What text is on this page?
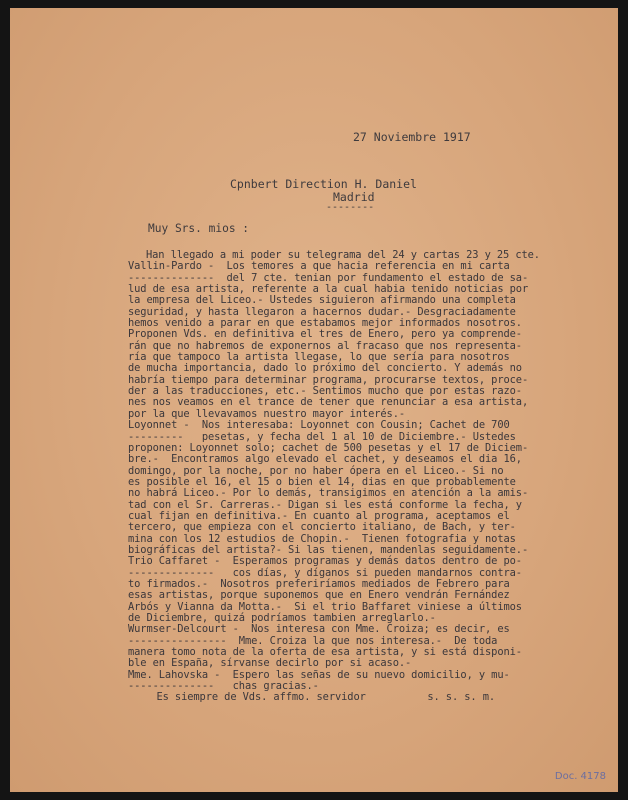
27 Noviembre 1917
Cpnbert Direction H. Daniel
Madrid
--------
Muy Srs. mios :
Han llegado a mi poder su telegrama del 24 y cartas 23 y 25 cte.
Vallin-Pardo -  Los temores a que hacia referencia en mi carta
--------------  del 7 cte. tenian por fundamento el estado de sa-
lud de esa artista, referente a la cual habia tenido noticias por
la empresa del Liceo.- Ustedes siguieron afirmando una completa
seguridad, y hasta llegaron a hacernos dudar.- Desgraciadamente
hemos venido a parar en que estabamos mejor informados nosotros.
Proponen Vds. en definitiva el tres de Enero, pero ya comprende-
rán que no habremos de exponernos al fracaso que nos representa-
ría que tampoco la artista llegase, lo que sería para nosotros
de mucha importancia, dado lo próximo del concierto. Y además no
habría tiempo para determinar programa, procurarse textos, proce-
der a las traducciones, etc.- Sentimos mucho que por estas razo-
nes nos veamos en el trance de tener que renunciar a esa artista,
por la que llevavamos nuestro mayor interés.-
Loyonnet -  Nos interesaba: Loyonnet con Cousin; Cachet de 700
---------   pesetas, y fecha del 1 al 10 de Diciembre.- Ustedes
proponen: Loyonnet solo; cachet de 500 pesetas y el 17 de Diciem-
bre.-  Encontramos algo elevado el cachet, y deseamos el dia 16,
domingo, por la noche, por no haber ópera en el Liceo.- Si no
es posible el 16, el 15 o bien el 14, dias en que probablemente
no habrá Liceo.- Por lo demás, transigimos en atención a la amis-
tad con el Sr. Carreras.- Digan si les está conforme la fecha, y
cual fijan en definitiva.- En cuanto al programa, aceptamos el
tercero, que empieza con el concierto italiano, de Bach, y ter-
mina con los 12 estudios de Chopin.-  Tienen fotografia y notas
biográficas del artista?- Si las tienen, mandenlas seguidamente.-
Trio Caffaret -  Esperamos programas y demás datos dentro de po-
--------------   cos días, y díganos si pueden mandarnos contra-
to firmados.-  Nosotros preferiríamos mediados de Febrero para
esas artistas, porque suponemos que en Enero vendrán Fernández
Arbós y Vianna da Motta.-  Si el trio Baffaret viniese a últimos
de Diciembre, quizá podríamos tambien arreglarlo.-
Wurmser-Delcourt -  Nos interesa con Mme. Croiza; es decir, es
----------------  Mme. Croiza la que nos interesa.-  De toda
manera tomo nota de la oferta de esa artista, y si está disponi-
ble en España, sírvanse decirlo por si acaso.-
Mme. Lahovska -  Espero las señas de su nuevo domicilio, y mu-
--------------   chas gracias.-
Es siempre de Vds. affmo. servidor          s. s. s. m.
Doc. 4178
